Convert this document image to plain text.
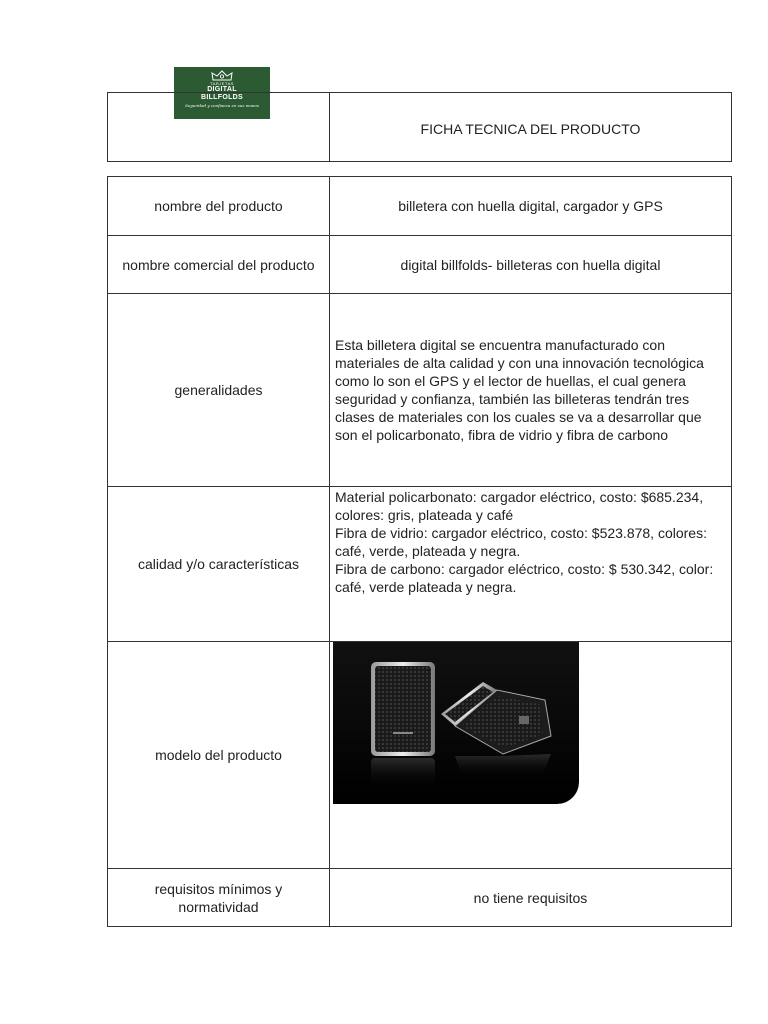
TARJETAS
DIGITAL
BILLFOLDS
Seguridad y confianza en sus manos
	FICHA TECNICA DEL PRODUCTO
nombre del producto	billetera con huella digital, cargador y GPS
nombre comercial del producto	digital billfolds- billeteras con huella digital
generalidades	Esta billetera digital se encuentra manufacturado con materiales de alta calidad y con una innovación tecnológica como lo son el GPS y el lector de huellas, el cual genera seguridad y confianza, también las billeteras tendrán tres clases de materiales con los cuales se va a desarrollar que son el policarbonato, fibra de vidrio y fibra de carbono
calidad y/o características	Material policarbonato: cargador eléctrico, costo: $685.234, colores: gris, plateada y café
Fibra de vidrio: cargador eléctrico, costo: $523.878, colores: café, verde, plateada y negra.
Fibra de carbono: cargador eléctrico, costo: $ 530.342, color: café, verde plateada y negra.

modelo del producto	

requisitos mínimos y normatividad	no tiene requisitos
